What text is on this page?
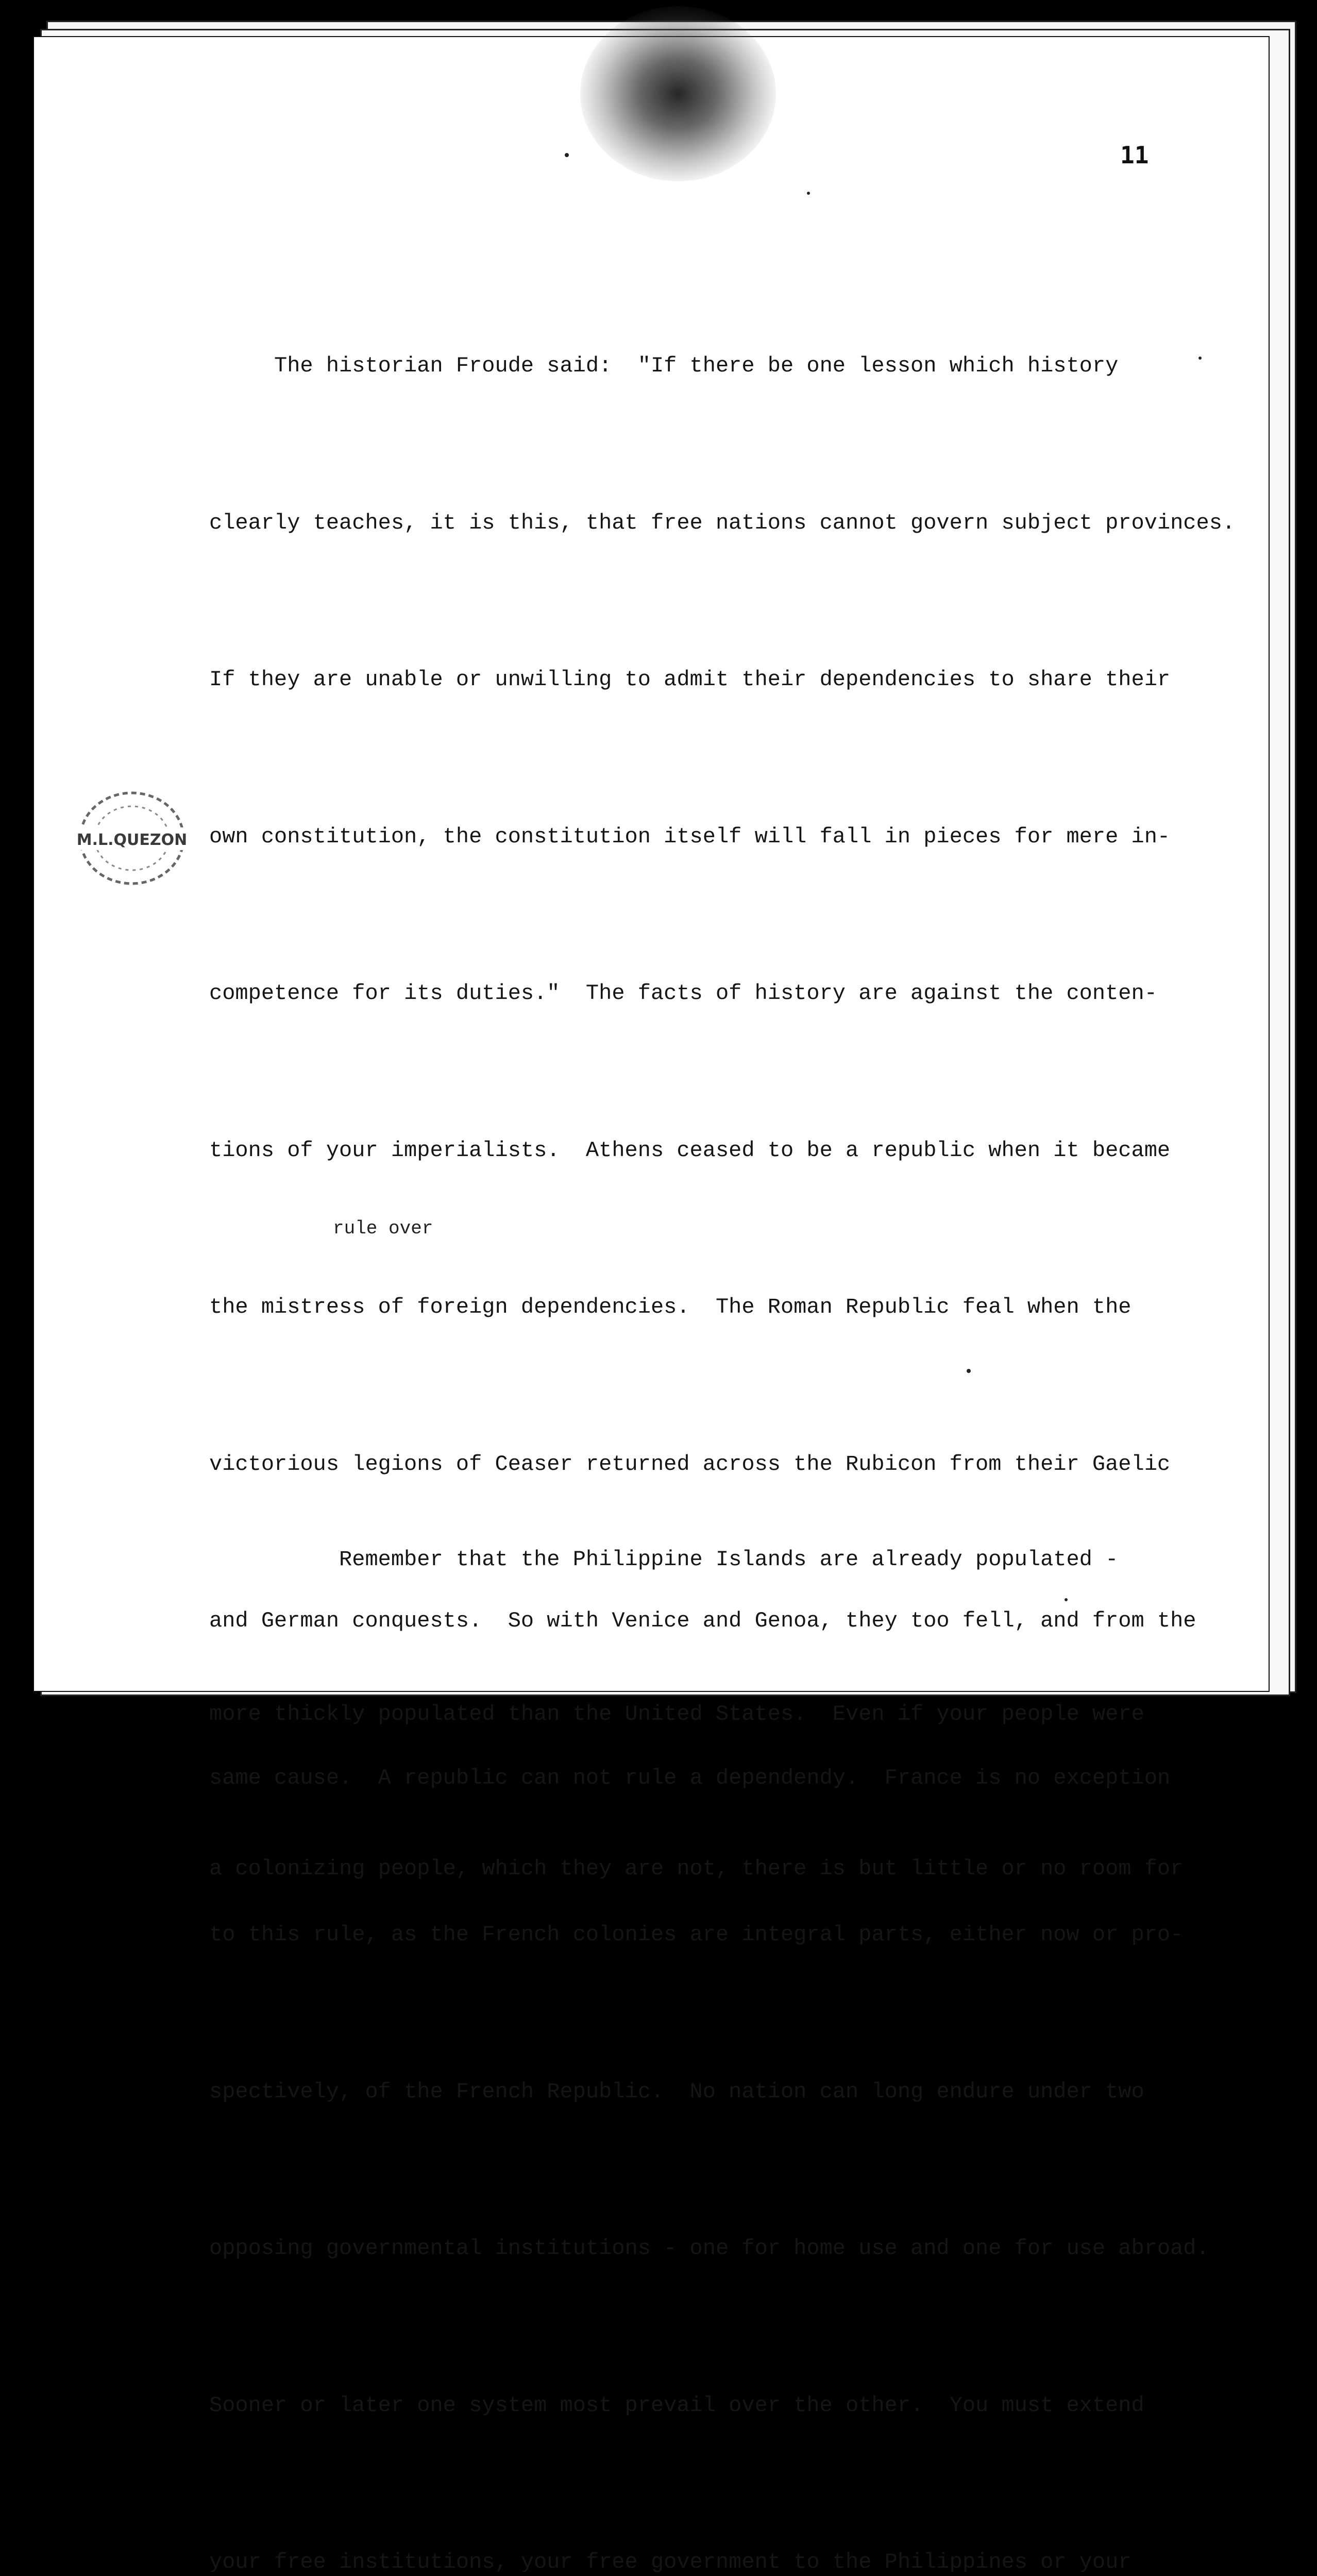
11

The historian Froude said:  "If there be one lesson which history

clearly teaches, it is this, that free nations cannot govern subject provinces.

If they are unable or unwilling to admit their dependencies to share their

own constitution, the constitution itself will fall in pieces for mere in-

competence for its duties."  The facts of history are against the conten-

tions of your imperialists.  Athens ceased to be a republic when it became

the mistress of foreign dependencies.  The Roman Republic feal when the

victorious legions of Ceaser returned across the Rubicon from their Gaelic

and German conquests.  So with Venice and Genoa, they too fell, and from the

same cause.  A republic can not rule a dependendy.  France is no exception

to this rule, as the French colonies are integral parts, either now or pro-

spectively, of the French Republic.  No nation can long endure under two

opposing governmental institutions - one for home use and one for use abroad.

Sooner or later one system most prevail over the other.  You must extend

your free institutions, your free government to the Philippines or your

rule over

Remember that the Philippine Islands are already populated -

more thickly populated than the United States.  Even if your people were

a colonizing people, which they are not, there is but little or no room for

M.L.QUEZON
